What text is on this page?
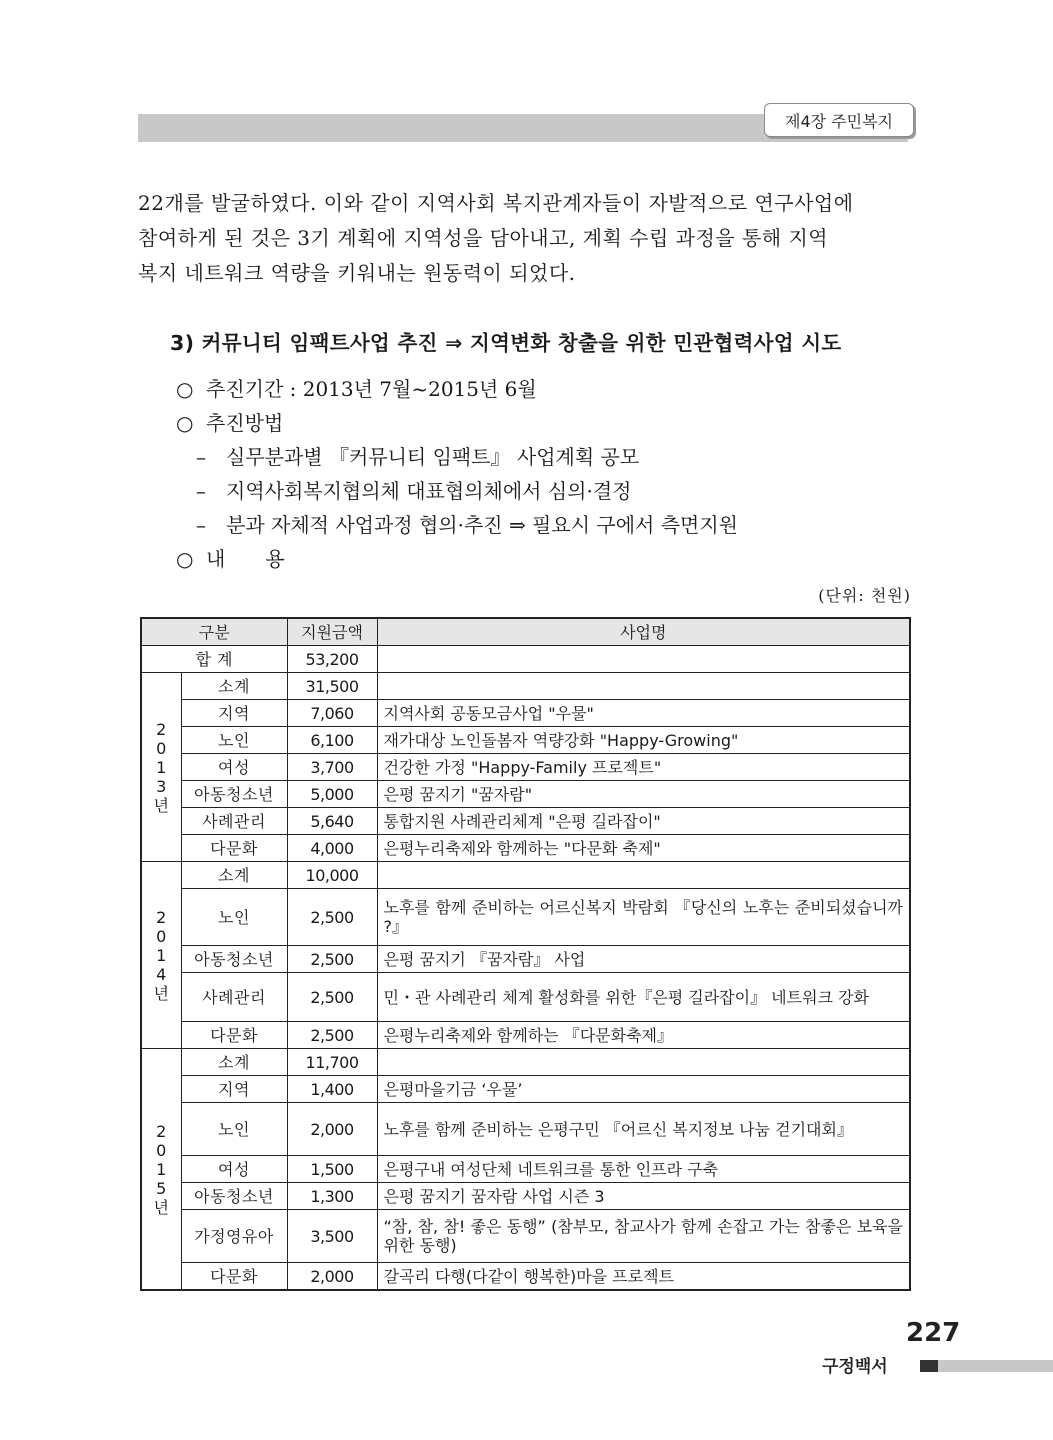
제4장 주민복지

22개를 발굴하였다. 이와 같이 지역사회 복지관계자들이 자발적으로 연구사업에
참여하게 된 것은 3기 계획에 지역성을 담아내고, 계획 수립 과정을 통해 지역
복지 네트워크 역량을 키워내는 원동력이 되었다.

3) 커뮤니티 임팩트사업 추진 ⇒ 지역변화 창출을 위한 민관협력사업 시도
○ 추진기간 : 2013년 7월~2015년 6월
○ 추진방법
– 실무분과별 『커뮤니티 임팩트』 사업계획 공모
– 지역사회복지협의체 대표협의체에서 심의·결정
– 분과 자체적 사업과정 협의·추진 ⇒ 필요시 구에서 측면지원
○ 내　　용
(단위: 천원)
구분		지원금액	사업명
합 계		53,200	
2
0
1
3
년	소계	31,500	
	지역	7,060	지역사회 공동모금사업 "우물"
	노인	6,100	재가대상 노인돌봄자 역량강화 "Happy-Growing"
	여성	3,700	건강한 가정 "Happy-Family 프로젝트"
	아동청소년	5,000	은평 꿈지기 "꿈자람"
	사례관리	5,640	통합지원 사례관리체계 "은평 길라잡이"
	다문화	4,000	은평누리축제와 함께하는 "다문화 축제"
2
0
1
4
년	소계	10,000	
	노인	2,500	노후를 함께 준비하는 어르신복지 박람회 『당신의 노후는 준비되셨습니까 ?』
	아동청소년	2,500	은평 꿈지기 『꿈자람』 사업
	사례관리	2,500	민・관 사례관리 체계 활성화를 위한『은평 길라잡이』 네트워크 강화
	다문화	2,500	은평누리축제와 함께하는 『다문화축제』
2
0
1
5
년	소계	11,700	
	지역	1,400	은평마을기금 ‘우물’
	노인	2,000	노후를 함께 준비하는 은평구민 『어르신 복지정보 나눔 걷기대회』
	여성	1,500	은평구내 여성단체 네트워크를 통한 인프라 구축
	아동청소년	1,300	은평 꿈지기 꿈자람 사업 시즌 3
	가정영유아	3,500	“참, 참, 참! 좋은 동행” (참부모, 참교사가 함께 손잡고 가는 참좋은 보육을 위한 동행)
	다문화	2,000	갈곡리 다행(다같이 행복한)마을 프로젝트
227
구정백서
